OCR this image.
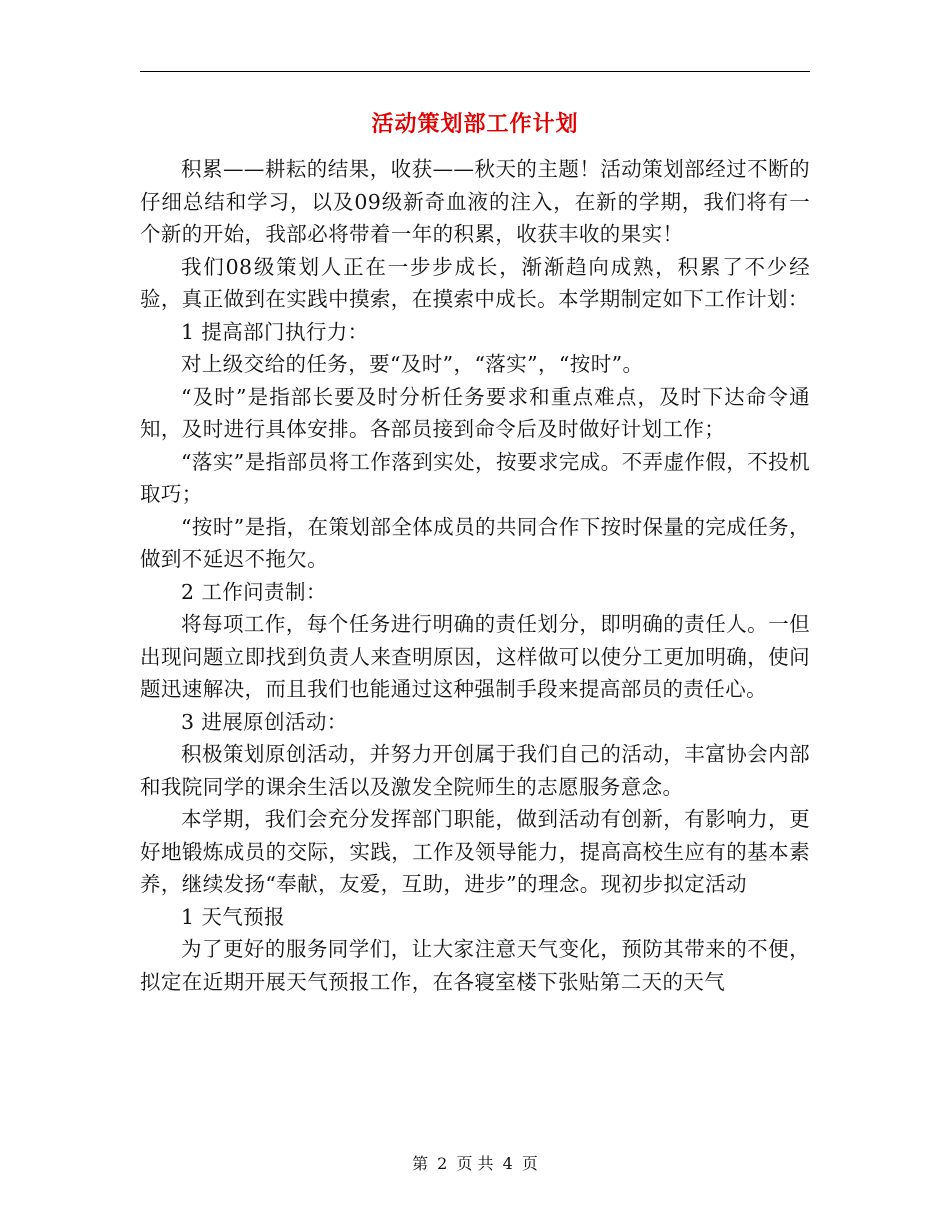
活动策划部工作计划

积累——耕耘的结果，收获——秋天的主题！活动策划部经过不断的仔细总结和学习，以及09级新奇血液的注入，在新的学期，我们将有一个新的开始，我部必将带着一年的积累，收获丰收的果实！

我们08级策划人正在一步步成长，渐渐趋向成熟，积累了不少经验，真正做到在实践中摸索，在摸索中成长。本学期制定如下工作计划：

1 提高部门执行力：

对上级交给的任务，要“及时”，“落实”，“按时”。

“及时”是指部长要及时分析任务要求和重点难点，及时下达命令通知，及时进行具体安排。各部员接到命令后及时做好计划工作；

“落实”是指部员将工作落到实处，按要求完成。不弄虚作假，不投机取巧；

“按时”是指，在策划部全体成员的共同合作下按时保量的完成任务，做到不延迟不拖欠。

2 工作问责制：

将每项工作，每个任务进行明确的责任划分，即明确的责任人。一但出现问题立即找到负责人来查明原因，这样做可以使分工更加明确，使问题迅速解决，而且我们也能通过这种强制手段来提高部员的责任心。

3 进展原创活动：

积极策划原创活动，并努力开创属于我们自己的活动，丰富协会内部和我院同学的课余生活以及激发全院师生的志愿服务意念。

本学期，我们会充分发挥部门职能，做到活动有创新，有影响力，更好地锻炼成员的交际，实践，工作及领导能力，提高高校生应有的基本素养，继续发扬“奉献，友爱，互助，进步”的理念。现初步拟定活动

1 天气预报

为了更好的服务同学们，让大家注意天气变化，预防其带来的不便，拟定在近期开展天气预报工作，在各寝室楼下张贴第二天的天气

第 2 页 共 4 页
